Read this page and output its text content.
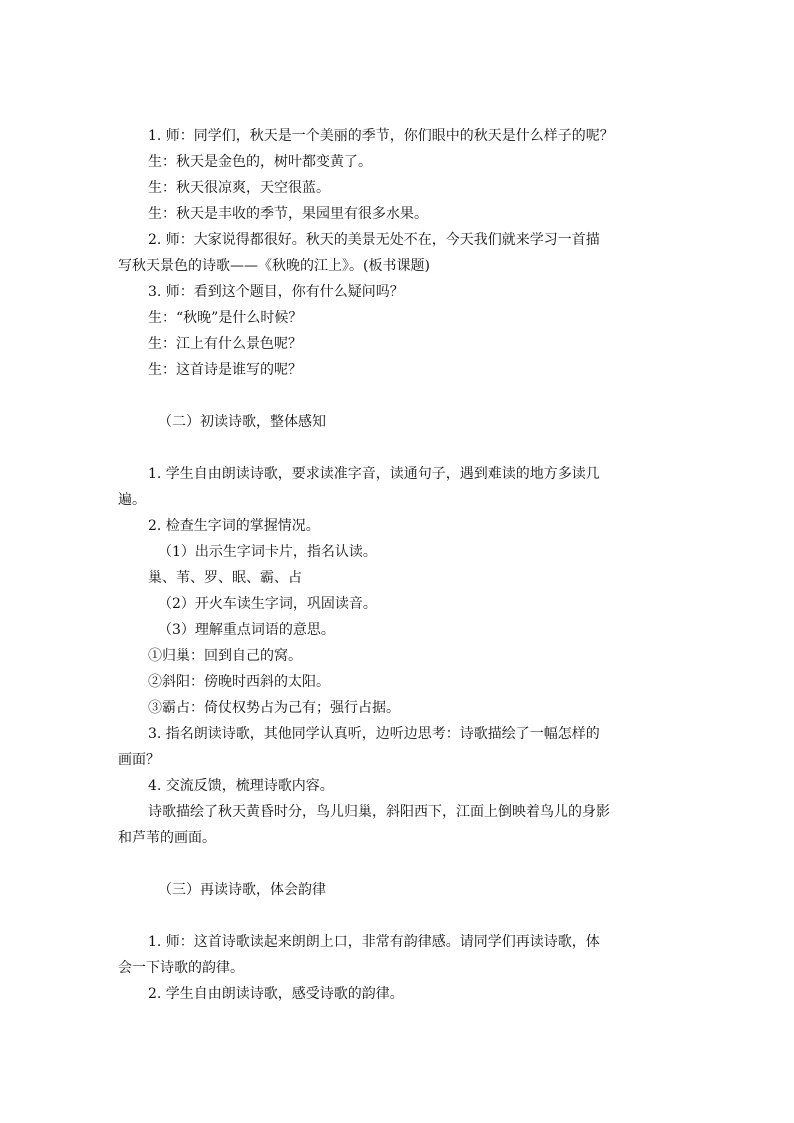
1. 师：同学们，秋天是一个美丽的季节，你们眼中的秋天是什么样子的呢？
生：秋天是金色的，树叶都变黄了。
生：秋天很凉爽，天空很蓝。
生：秋天是丰收的季节，果园里有很多水果。
2. 师：大家说得都很好。秋天的美景无处不在，今天我们就来学习一首描
写秋天景色的诗歌——《秋晚的江上》。(板书课题)
3. 师：看到这个题目，你有什么疑问吗？
生：“秋晚”是什么时候？
生：江上有什么景色呢？
生：这首诗是谁写的呢？
（二）初读诗歌，整体感知
1. 学生自由朗读诗歌，要求读准字音，读通句子，遇到难读的地方多读几
遍。
2. 检查生字词的掌握情况。
（1）出示生字词卡片，指名认读。
巢、苇、罗、眠、霸、占
（2）开火车读生字词，巩固读音。
（3）理解重点词语的意思。
①归巢：回到自己的窝。
②斜阳：傍晚时西斜的太阳。
③霸占：倚仗权势占为己有；强行占据。
3. 指名朗读诗歌，其他同学认真听，边听边思考：诗歌描绘了一幅怎样的
画面？
4. 交流反馈，梳理诗歌内容。
诗歌描绘了秋天黄昏时分，鸟儿归巢，斜阳西下，江面上倒映着鸟儿的身影
和芦苇的画面。
（三）再读诗歌，体会韵律
1. 师：这首诗歌读起来朗朗上口，非常有韵律感。请同学们再读诗歌，体
会一下诗歌的韵律。
2. 学生自由朗读诗歌，感受诗歌的韵律。
